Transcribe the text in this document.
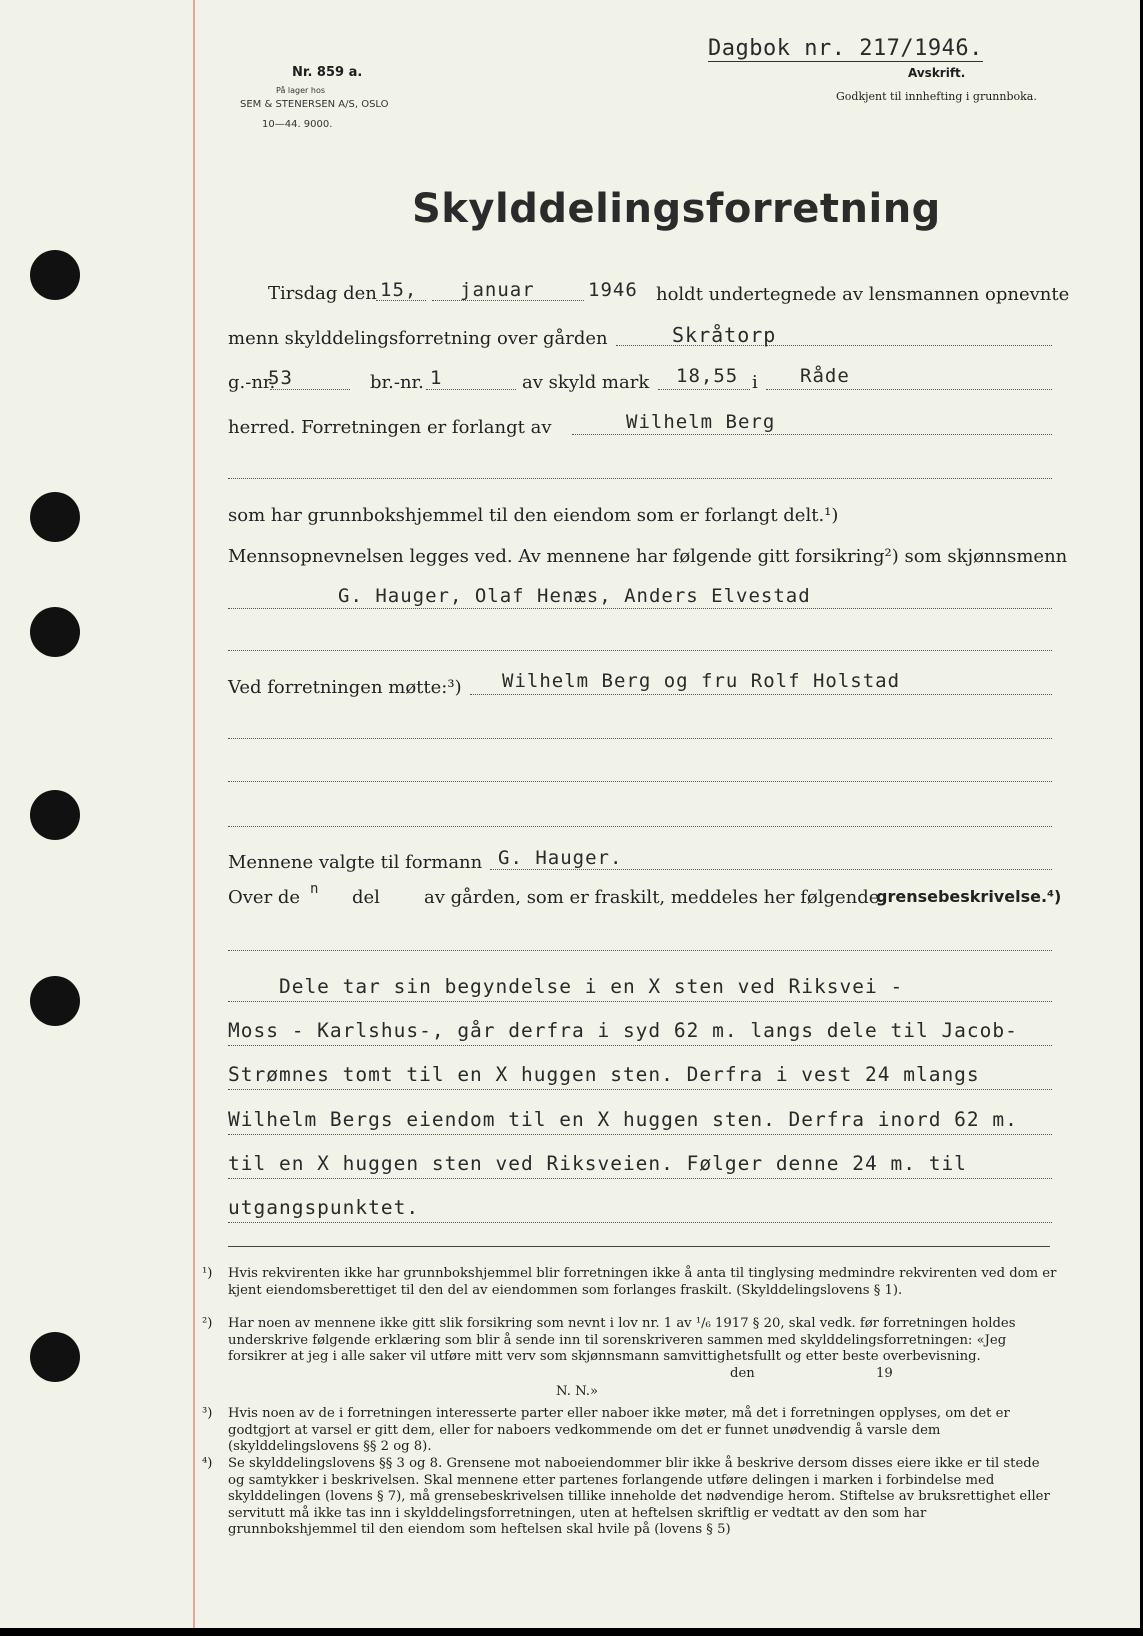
Nr. 859 a.
På lager hos
SEM & STENERSEN A/S, OSLO
10—44. 9000.
Dagbok nr. 217/1946.
Avskrift.
Godkjent til innhefting i grunnboka.
Skylddelingsforretning
Tirsdag den 15, januar	1946 holdt undertegnede av lensmannen opnevnte
menn skylddelingsforretning over gården	Skråtorp
g.-nr.
53	br.-nr. 1	av skyld mark 18,55 i Råde
herred. Forretningen er forlangt av	Wilhelm Berg
som har grunnbokshjemmel til den eiendom som er forlangt delt.¹)
Mennsopnevnelsen legges ved. Av mennene har følgende gitt forsikring²) som skjønnsmenn
G. Hauger, Olaf Henæs, Anders Elvestad
Ved forretningen møtte:³) Wilhelm Berg og fru Rolf Holstad
Mennene valgte til formann G. Hauger.
Over de n del av gården, som er fraskilt, meddeles her følgende
grensebeskrivelse.⁴)
Dele tar sin begyndelse i en X sten ved Riksvei -
Moss - Karlshus-, går derfra i syd 62 m. langs dele til Jacob-
Strømnes tomt til en X huggen sten. Derfra i vest 24 mlangs
Wilhelm Bergs eiendom til en X huggen sten. Derfra inord 62 m.
til en X huggen sten ved Riksveien. Følger denne 24 m. til
utgangspunktet.
¹) Hvis rekvirenten ikke har grunnbokshjemmel blir forretningen ikke å anta til tinglysing medmindre rekvirenten ved dom er kjent eiendomsberettiget til den del av eiendommen som forlanges fraskilt. (Skylddelingslovens § 1).
²) Har noen av mennene ikke gitt slik forsikring som nevnt i lov nr. 1 av ¹/₆ 1917 § 20, skal vedk. før forretningen holdes underskrive følgende erklæring som blir å sende inn til sorenskriveren sammen med skylddelingsforretningen: «Jeg forsikrer at jeg i alle saker vil utføre mitt verv som skjønnsmann samvittighetsfullt og etter beste overbevisning.
den	19
N. N.»
³) Hvis noen av de i forretningen interesserte parter eller naboer ikke møter, må det i forretningen opplyses, om det er godtgjort at varsel er gitt dem, eller for naboers vedkommende om det er funnet unødvendig å varsle dem (skylddelingslovens §§ 2 og 8).
⁴) Se skylddelingslovens §§ 3 og 8. Grensene mot naboeiendommer blir ikke å beskrive dersom disses eiere ikke er til stede og samtykker i beskrivelsen. Skal mennene etter partenes forlangende utføre delingen i marken i forbindelse med skylddelingen (lovens § 7), må grensebeskrivelsen tillike inneholde det nødvendige herom. Stiftelse av bruksrettighet eller servitutt må ikke tas inn i skylddelingsforretningen, uten at heftelsen skriftlig er vedtatt av den som har grunnbokshjemmel til den eiendom som heftelsen skal hvile på (lovens § 5)
